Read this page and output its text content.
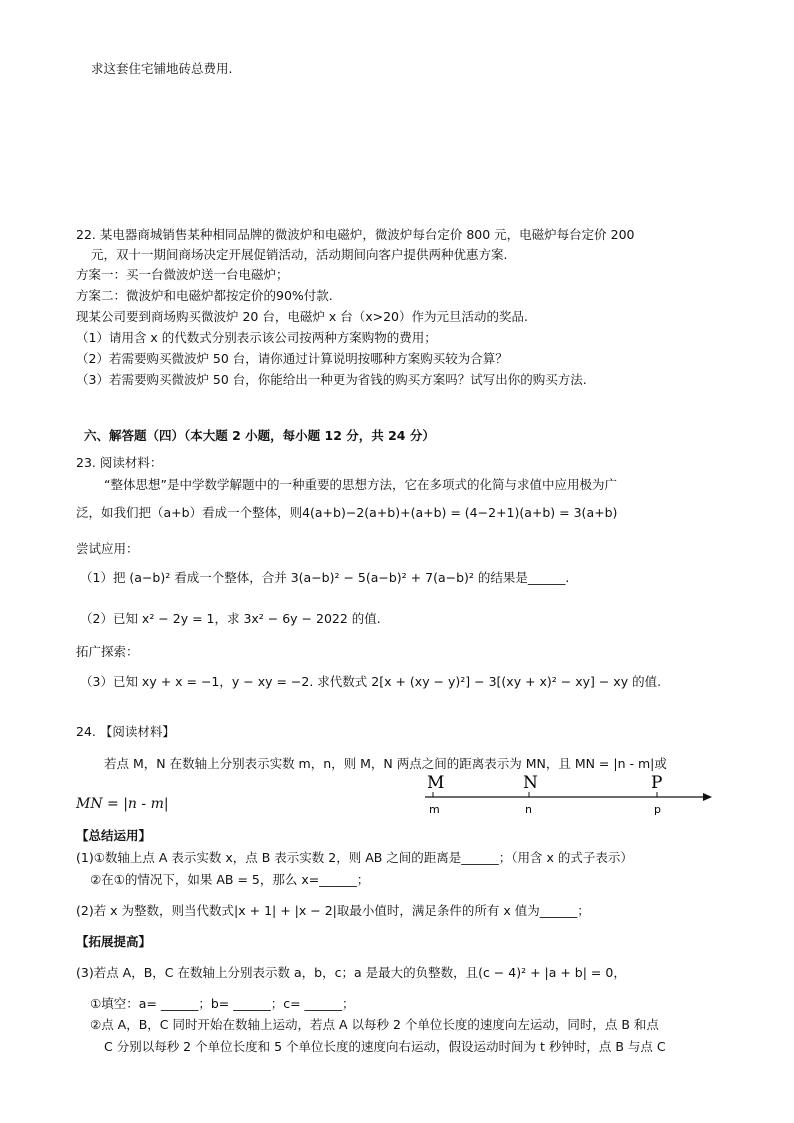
求这套住宅铺地砖总费用.
22. 某电器商城销售某种相同品牌的微波炉和电磁炉，微波炉每台定价 800 元，电磁炉每台定价 200
元，双十一期间商场决定开展促销活动，活动期间向客户提供两种优惠方案.
方案一：买一台微波炉送一台电磁炉；
方案二：微波炉和电磁炉都按定价的90%付款.
现某公司要到商场购买微波炉 20 台，电磁炉 x 台（x>20）作为元旦活动的奖品.
（1）请用含 x 的代数式分别表示该公司按两种方案购物的费用；
（2）若需要购买微波炉 50 台，请你通过计算说明按哪种方案购买较为合算？
（3）若需要购买微波炉 50 台，你能给出一种更为省钱的购买方案吗？试写出你的购买方法.
六、解答题（四）（本大题 2 小题，每小题 12 分，共 24 分）
23. 阅读材料：
“整体思想”是中学数学解题中的一种重要的思想方法，它在多项式的化简与求值中应用极为广
泛，如我们把（a+b）看成一个整体，则4(a+b)−2(a+b)+(a+b) = (4−2+1)(a+b) = 3(a+b)
尝试应用：
（1）把 (a−b)² 看成一个整体，合并 3(a−b)² − 5(a−b)² + 7(a−b)² 的结果是______.
（2）已知 x² − 2y = 1，求 3x² − 6y − 2022 的值.
拓广探索：
（3）已知 xy + x = −1，y − xy = −2. 求代数式 2[x + (xy − y)²] − 3[(xy + x)² − xy] − xy 的值.
24. 【阅读材料】
若点 M，N 在数轴上分别表示实数 m，n，则 M，N 两点之间的距离表示为 MN，且 MN = |n - m|或
MN = |n - m|
M	N	P
m	n	p
【总结运用】
(1)①数轴上点 A 表示实数 x，点 B 表示实数 2，则 AB 之间的距离是______；（用含 x 的式子表示）
②在①的情况下，如果 AB = 5，那么 x=______；
(2)若 x 为整数，则当代数式|x + 1| + |x − 2|取最小值时，满足条件的所有 x 值为______；
【拓展提高】
(3)若点 A，B，C 在数轴上分别表示数 a，b，c；a 是最大的负整数，且(c − 4)² + |a + b| = 0，
①填空：a= ______；b= ______；c= ______；
②点 A，B，C 同时开始在数轴上运动，若点 A 以每秒 2 个单位长度的速度向左运动，同时，点 B 和点
C 分别以每秒 2 个单位长度和 5 个单位长度的速度向右运动，假设运动时间为 t 秒钟时，点 B 与点 C
